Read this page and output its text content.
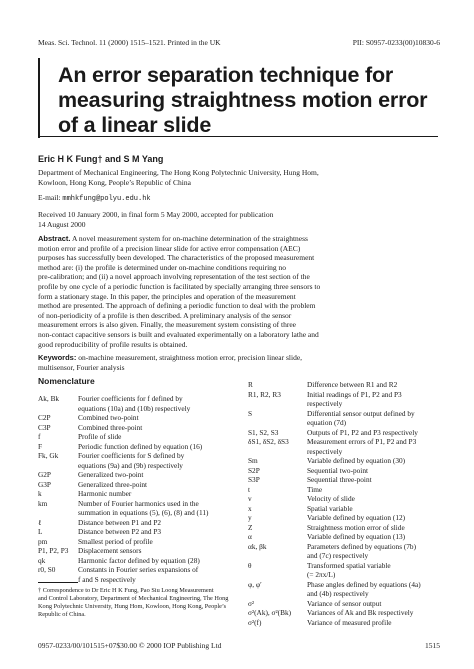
Meas. Sci. Technol. 11 (2000) 1515–1521. Printed in the UK	PII: S0957-0233(00)10830-6
An error separation technique for
measuring straightness motion error
of a linear slide
Eric H K Fung† and S M Yang
Department of Mechanical Engineering, The Hong Kong Polytechnic University, Hung Hom,
Kowloon, Hong Kong, People’s Republic of China
E-mail: mmhkfung@polyu.edu.hk
Received 10 January 2000, in final form 5 May 2000, accepted for publication
14 August 2000
Abstract. A novel measurement system for on-machine determination of the straightness
motion error and profile of a precision linear slide for active error compensation (AEC)
purposes has successfully been developed. The characteristics of the proposed measurement
method are: (i) the profile is determined under on-machine conditions requiring no
pre-calibration; and (ii) a novel approach involving representation of the test section of the
profile by one cycle of a periodic function is facilitated by specially arranging three sensors to
form a stationary stage. In this paper, the principles and operation of the measurement
method are presented. The approach of defining a periodic function to deal with the problem
of non-periodicity of a profile is then described. A preliminary analysis of the sensor
measurement errors is also given. Finally, the measurement system consisting of three
non-contact capacitive sensors is built and evaluated experimentally on a laboratory lathe and
good reproducibility of profile results is obtained.
Keywords: on-machine measurement, straightness motion error, precision linear slide,
multisensor, Fourier analysis
Nomenclature
Ak, Bk	Fourier coefficients for f defined by
equations (10a) and (10b) respectively
C2P	Combined two-point
C3P	Combined three-point
f	Profile of slide
F	Periodic function defined by equation (16)
Fk, Gk	Fourier coefficients for S defined by
equations (9a) and (9b) respectively
G2P	Generalized two-point
G3P	Generalized three-point
k	Harmonic number
km	Number of Fourier harmonics used in the
summation in equations (5), (6), (8) and (11)
ℓ	Distance between P1 and P2
L	Distance between P2 and P3
pm	Smallest period of profile
P1, P2, P3	Displacement sensors
qk	Harmonic factor defined by equation (28)
r0, S0	Constants in Fourier series expansions of
f and S respectively
R	Difference between R1 and R2
R1, R2, R3	Initial readings of P1, P2 and P3
respectively
S	Differential sensor output defined by
equation (7d)
S1, S2, S3	Outputs of P1, P2 and P3 respectively
δS1, δS2, δS3	Measurement errors of P1, P2 and P3
respectively
Sm	Variable defined by equation (30)
S2P	Sequential two-point
S3P	Sequential three-point
t	Time
v	Velocity of slide
x	Spatial variable
y	Variable defined by equation (12)
Z	Straightness motion error of slide
α	Variable defined by equation (13)
αk, βk	Parameters defined by equations (7b)
and (7c) respectively
θ	Transformed spatial variable
(= 2πx/L)
φ, φ′	Phase angles defined by equations (4a)
and (4b) respectively
σ²	Variance of sensor output
σ²(Ak), σ²(Bk)	Variances of Ak and Bk respectively
σ²(f)	Variance of measured profile
† Correspondence to Dr Eric H K Fung, Pao Siu Loong Measurement
and Control Laboratory, Department of Mechanical Engineering, The Hong
Kong Polytechnic University, Hung Hom, Kowloon, Hong Kong, People’s
Republic of China.
0957-0233/00/101515+07$30.00 © 2000 IOP Publishing Ltd	1515
